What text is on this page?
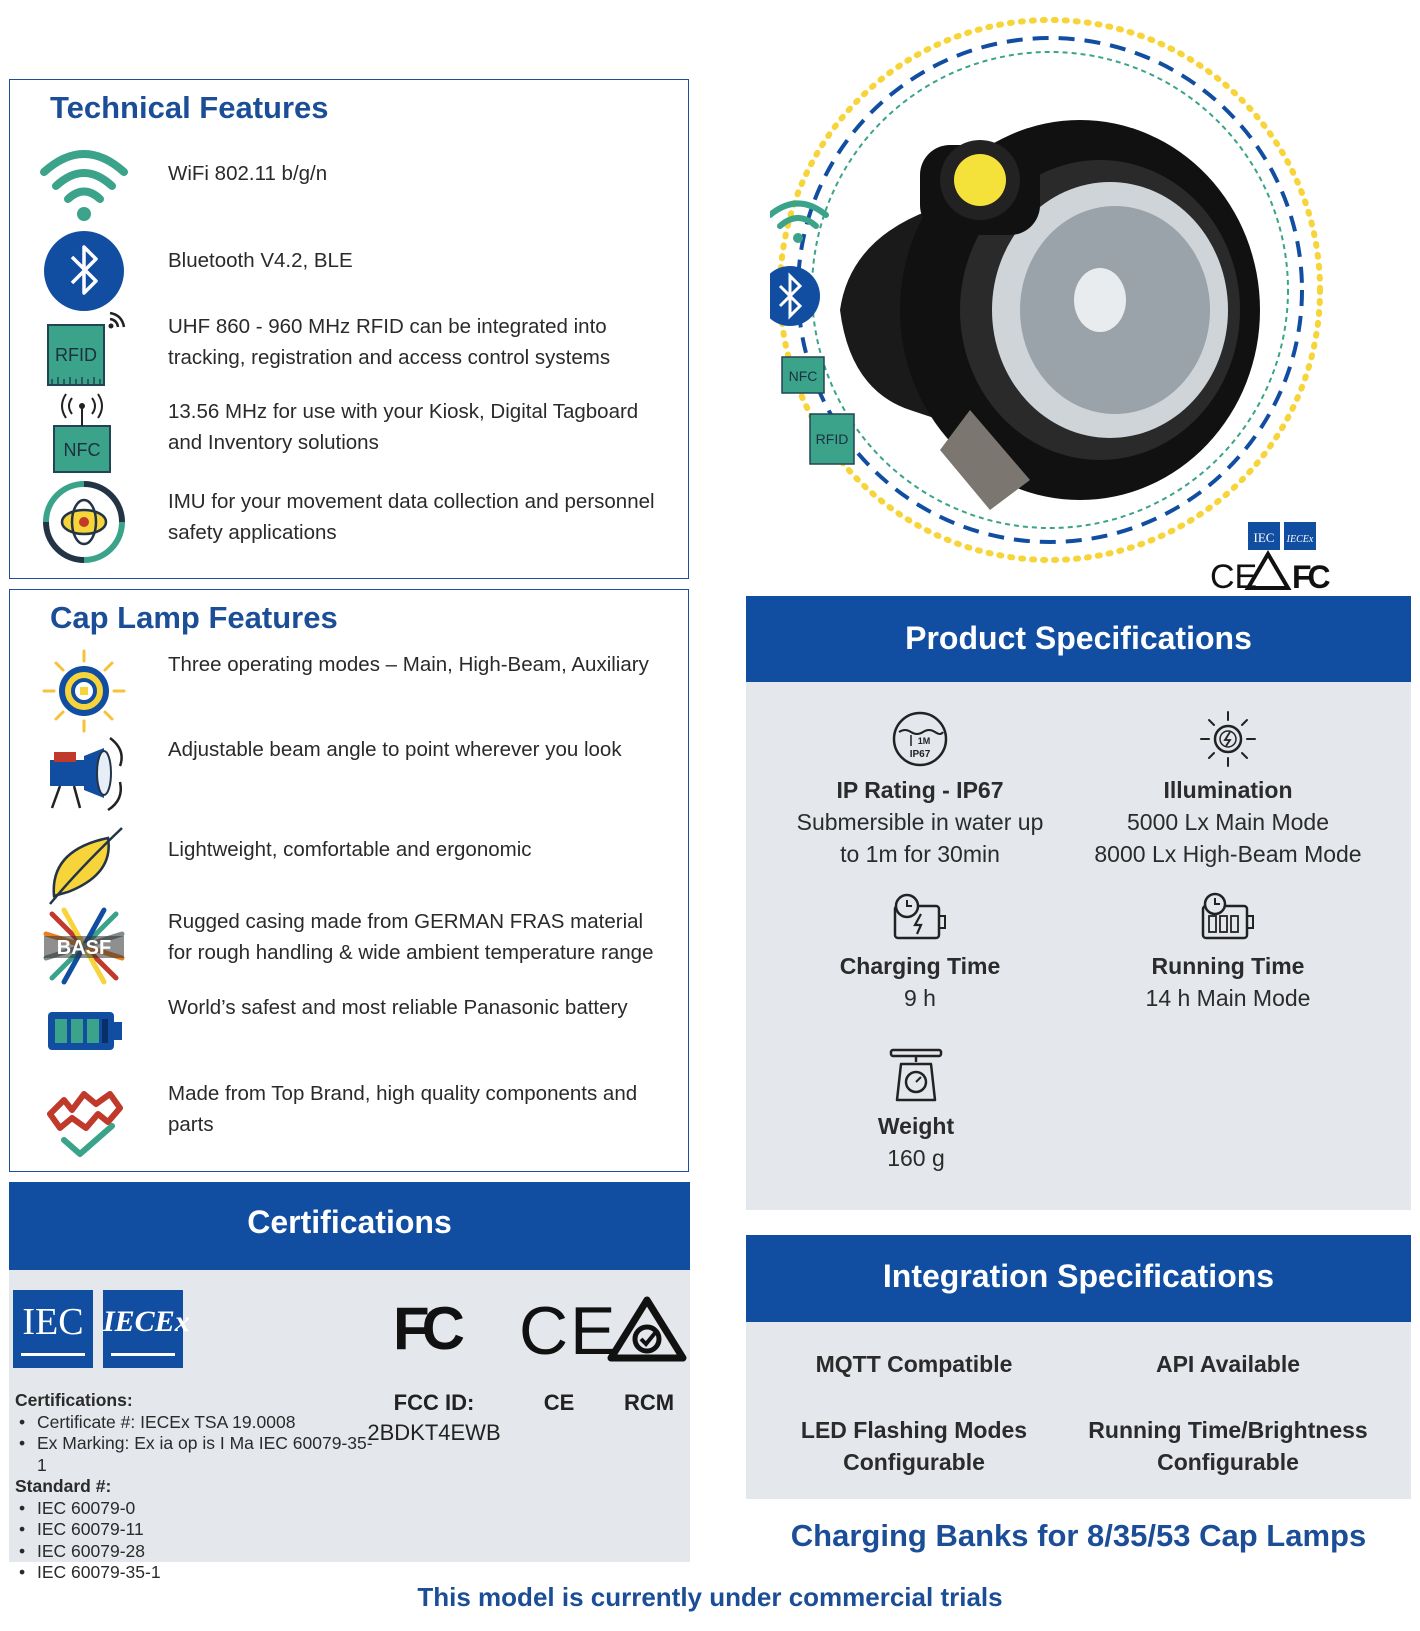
Technical Features
WiFi 802.11 b/g/n
Bluetooth V4.2, BLE
RFID
UHF 860 - 960 MHz RFID can be integrated into tracking, registration and access control systems
NFC
13.56 MHz for use with your Kiosk, Digital Tagboard and Inventory solutions
IMU for your movement data collection and personnel safety applications
Cap Lamp Features
Three operating modes – Main, High-Beam, Auxiliary
Adjustable beam angle to point wherever you look
Lightweight, comfortable and ergonomic
BASF
Rugged casing made from GERMAN FRAS material for rough handling & wide ambient temperature range
World’s safest and most reliable Panasonic battery
Made from Top Brand, high quality components and parts
Certifications
IEC IECEx	FC CE
Certifications:
• Certificate #: IECEx TSA 19.0008
• Ex Marking: Ex ia op is I Ma IEC 60079-35-1
Standard #:
• IEC 60079-0
• IEC 60079-11
• IEC 60079-28
• IEC 60079-35-1
FCC ID:
2BDKT4EWB
CE	RCM
NFC
RFID
IEC IECEx
CE FC
Product Specifications
1M
IP67
IP Rating - IP67
Submersible in water up
to 1m for 30min
Illumination
5000 Lx Main Mode
8000 Lx High-Beam Mode
Charging Time
9 h
Running Time
14 h Main Mode
Weight
160 g
Integration Specifications
MQTT Compatible	API Available
LED Flashing Modes
Configurable
Running Time/Brightness
Configurable
Charging Banks for 8/35/53 Cap Lamps
This model is currently under commercial trials
